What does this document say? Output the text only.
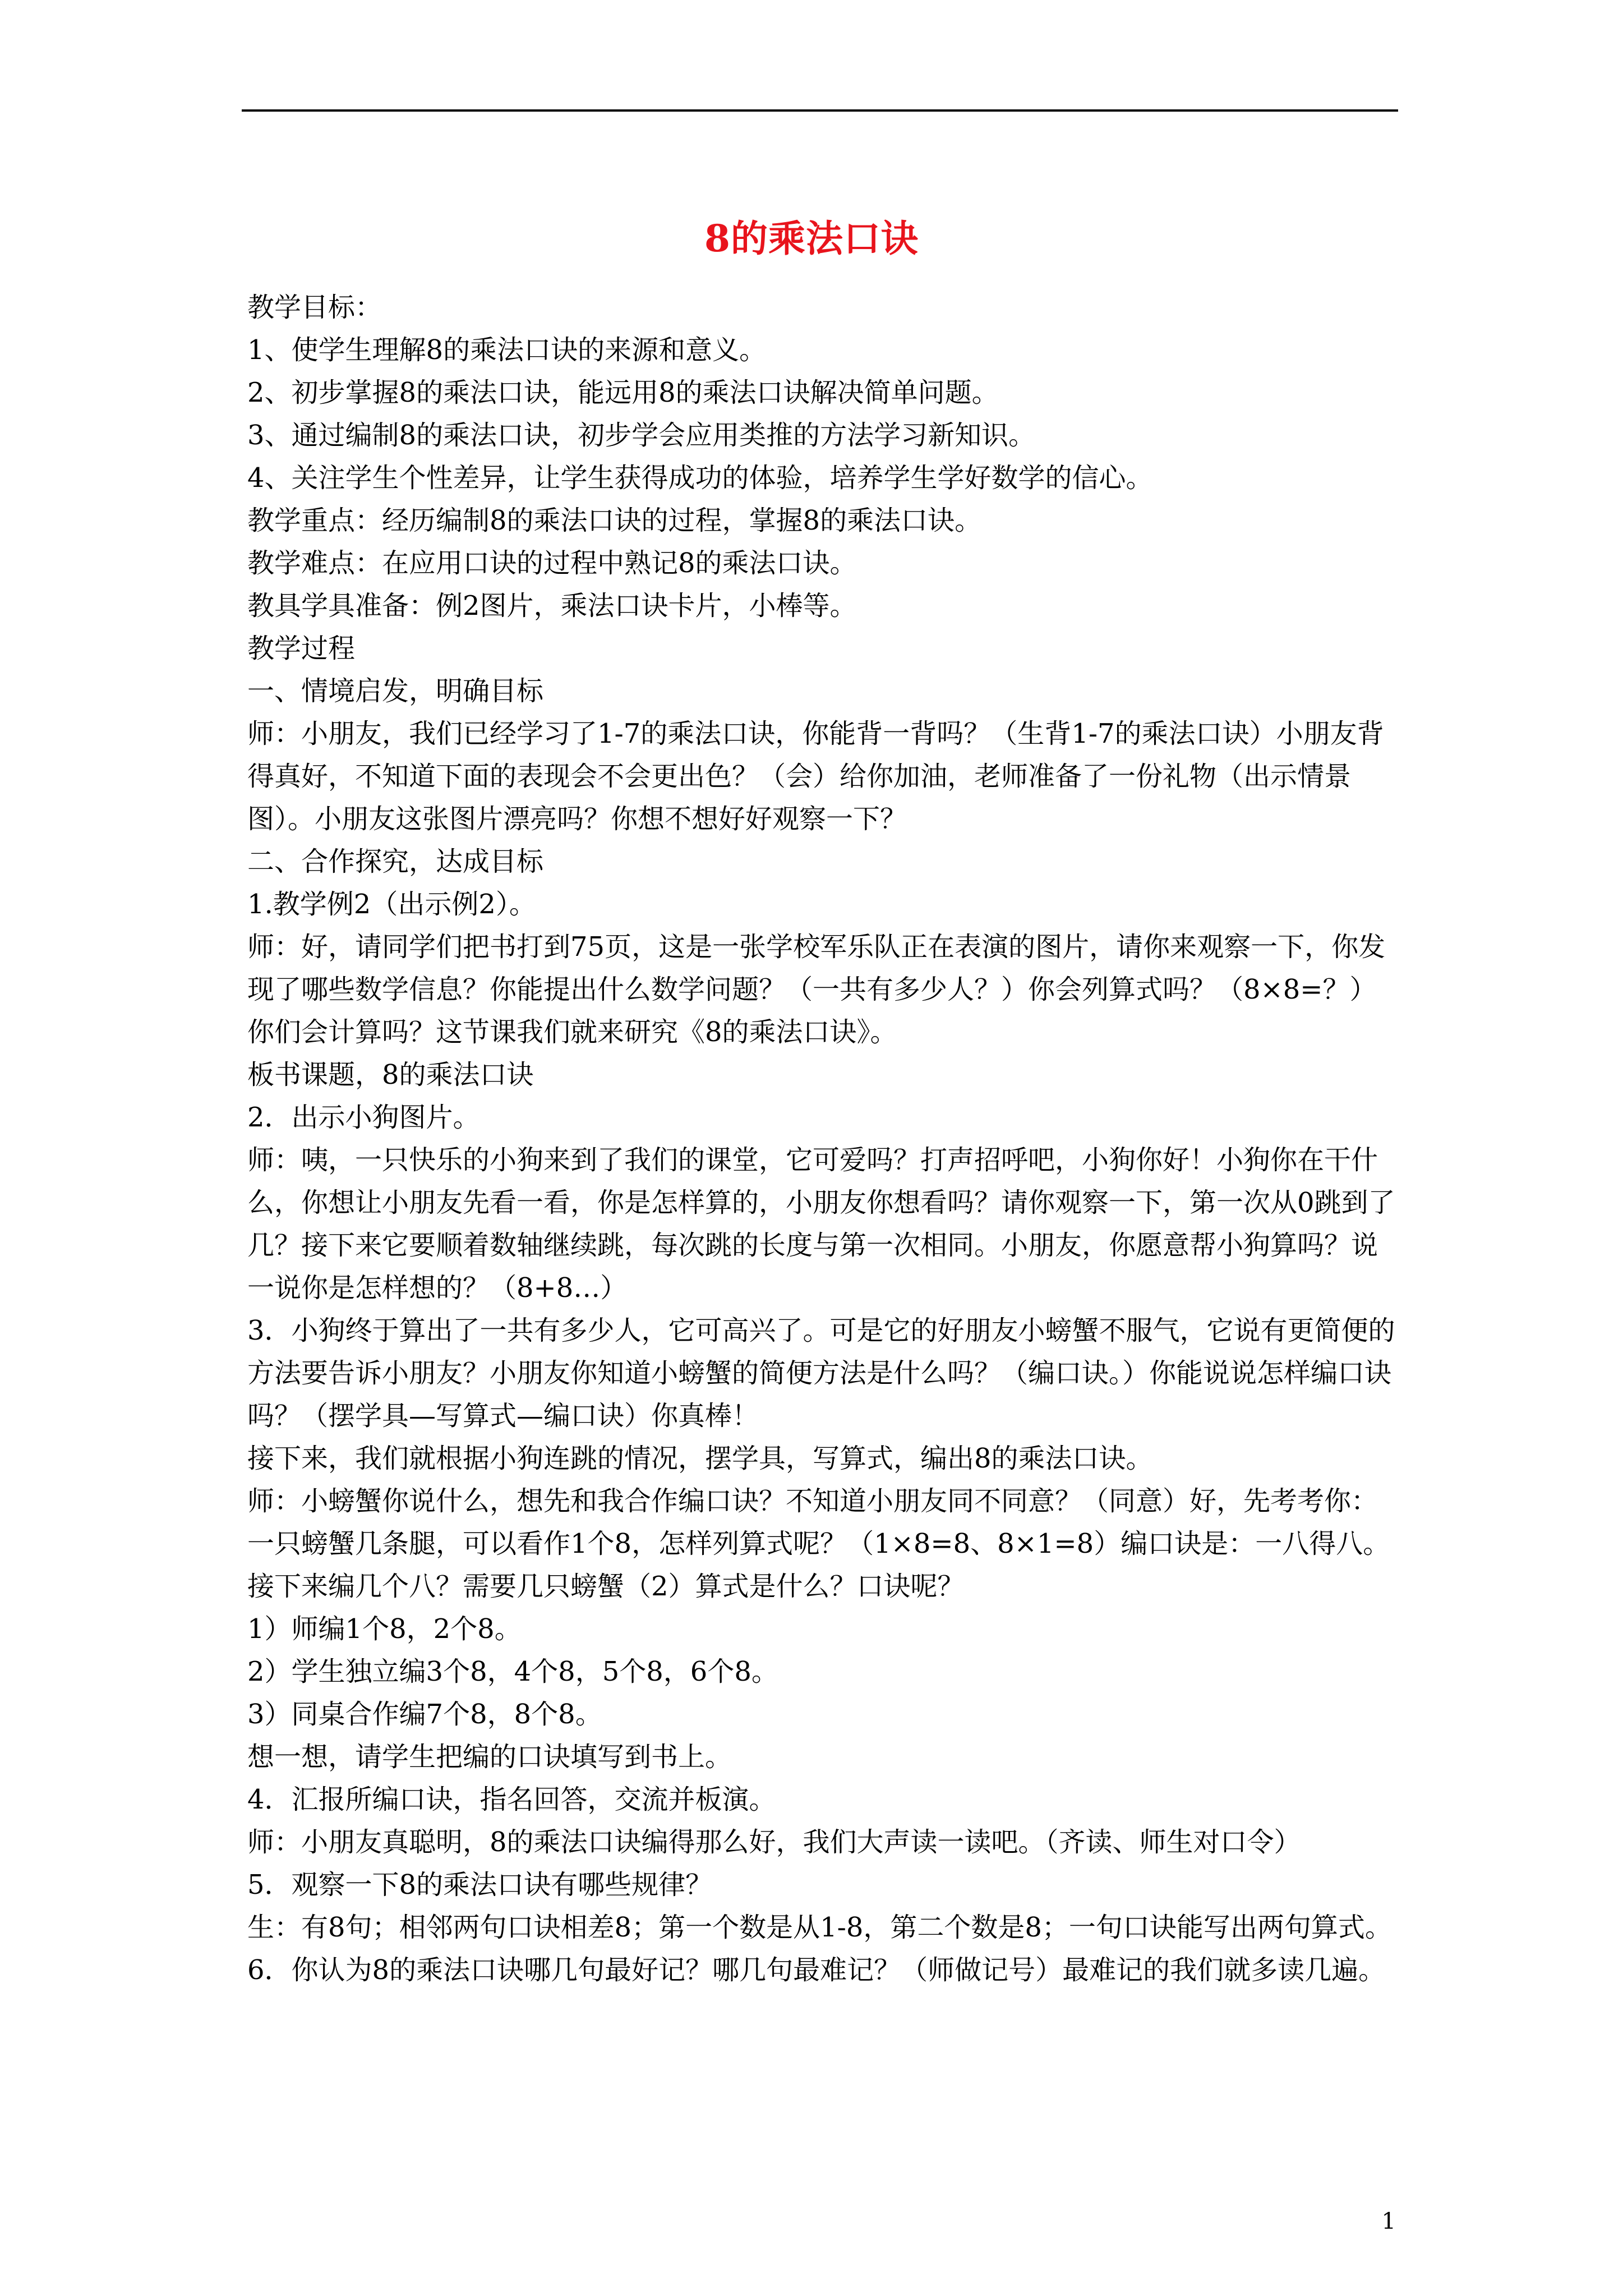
8的乘法口诀

教学目标：

1、使学生理解8的乘法口诀的来源和意义。

2、初步掌握8的乘法口诀，能远用8的乘法口诀解决简单问题。

3、通过编制8的乘法口诀，初步学会应用类推的方法学习新知识。

4、关注学生个性差异，让学生获得成功的体验，培养学生学好数学的信心。

教学重点：经历编制8的乘法口诀的过程，掌握8的乘法口诀。

教学难点：在应用口诀的过程中熟记8的乘法口诀。

教具学具准备：例2图片，乘法口诀卡片，小棒等。

教学过程

一、情境启发，明确目标

师：小朋友，我们已经学习了1-7的乘法口诀，你能背一背吗？（生背1-7的乘法口诀）小朋友背得真好，不知道下面的表现会不会更出色？（会）给你加油，老师准备了一份礼物（出示情景图）。小朋友这张图片漂亮吗？你想不想好好观察一下？

二、合作探究，达成目标

1.教学例2（出示例2）。

师：好，请同学们把书打到75页，这是一张学校军乐队正在表演的图片，请你来观察一下，你发现了哪些数学信息？你能提出什么数学问题？（一共有多少人？）你会列算式吗？（8×8=？）你们会计算吗？这节课我们就来研究《8的乘法口诀》。

板书课题，8的乘法口诀

2．出示小狗图片。

师：咦，一只快乐的小狗来到了我们的课堂，它可爱吗？打声招呼吧，小狗你好！小狗你在干什么，你想让小朋友先看一看，你是怎样算的，小朋友你想看吗？请你观察一下，第一次从0跳到了几？接下来它要顺着数轴继续跳，每次跳的长度与第一次相同。小朋友，你愿意帮小狗算吗？说一说你是怎样想的？（8+8…）

3．小狗终于算出了一共有多少人，它可高兴了。可是它的好朋友小螃蟹不服气，它说有更简便的方法要告诉小朋友？小朋友你知道小螃蟹的简便方法是什么吗？（编口诀。）你能说说怎样编口诀吗？（摆学具—写算式—编口诀）你真棒！

接下来，我们就根据小狗连跳的情况，摆学具，写算式，编出8的乘法口诀。

师：小螃蟹你说什么，想先和我合作编口诀？不知道小朋友同不同意？（同意）好，先考考你：一只螃蟹几条腿，可以看作1个8，怎样列算式呢？（1×8=8、8×1=8）编口诀是：一八得八。接下来编几个八？需要几只螃蟹（2）算式是什么？口诀呢？

1）师编1个8，2个8。

2）学生独立编3个8，4个8，5个8，6个8。

3）同桌合作编7个8，8个8。

想一想，请学生把编的口诀填写到书上。

4．汇报所编口诀，指名回答，交流并板演。

师：小朋友真聪明，8的乘法口诀编得那么好，我们大声读一读吧。（齐读、师生对口令）

5．观察一下8的乘法口诀有哪些规律？

生：有8句；相邻两句口诀相差8；第一个数是从1-8，第二个数是8；一句口诀能写出两句算式。

6．你认为8的乘法口诀哪几句最好记？哪几句最难记？（师做记号）最难记的我们就多读几遍。

1
